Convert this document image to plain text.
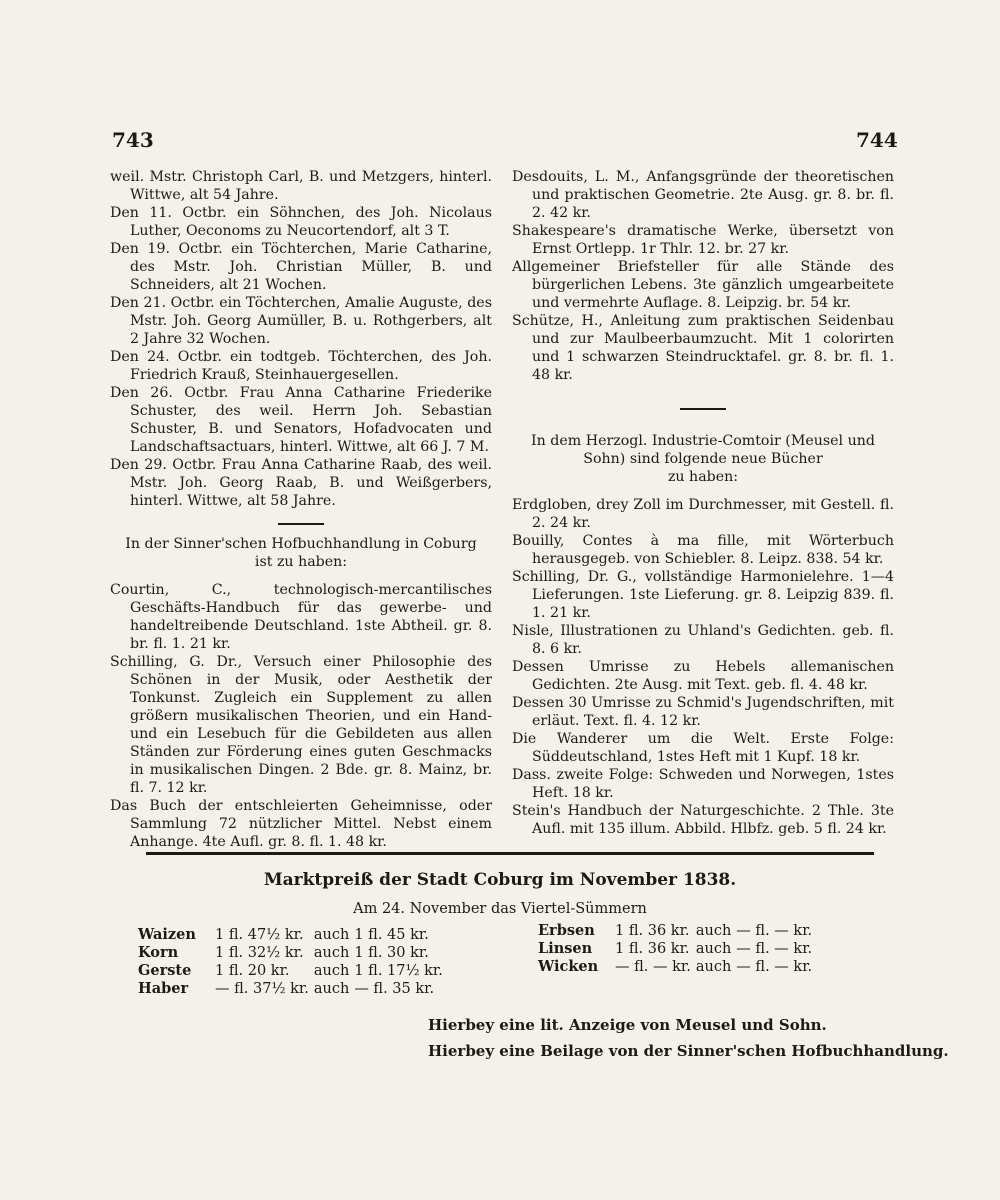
743	744

weil. Mstr. Christoph Carl, B. und Metzgers, hinterl. Wittwe, alt 54 Jahre.

Den 11. Octbr. ein Söhnchen, des Joh. Nicolaus Luther, Oeconoms zu Neucortendorf, alt 3 T.

Den 19. Octbr. ein Töchterchen, Marie Catharine, des Mstr. Joh. Christian Müller, B. und Schneiders, alt 21 Wochen.

Den 21. Octbr. ein Töchterchen, Amalie Auguste, des Mstr. Joh. Georg Aumüller, B. u. Rothgerbers, alt 2 Jahre 32 Wochen.

Den 24. Octbr. ein todtgeb. Töchterchen, des Joh. Friedrich Krauß, Steinhauergesellen.

Den 26. Octbr. Frau Anna Catharine Friederike Schuster, des weil. Herrn Joh. Sebastian Schuster, B. und Senators, Hofadvocaten und Landschaftsactuars, hinterl. Wittwe, alt 66 J. 7 M.

Den 29. Octbr. Frau Anna Catharine Raab, des weil. Mstr. Joh. Georg Raab, B. und Weißgerbers, hinterl. Wittwe, alt 58 Jahre.

In der Sinner'schen Hofbuchhandlung in Coburg

ist zu haben:

Courtin, C., technologisch-mercantilisches Geschäfts-Handbuch für das gewerbe- und handeltreibende Deutschland. 1ste Abtheil. gr. 8. br. fl. 1. 21 kr.

Schilling, G. Dr., Versuch einer Philosophie des Schönen in der Musik, oder Aesthetik der Tonkunst. Zugleich ein Supplement zu allen größern musikalischen Theorien, und ein Hand- und ein Lesebuch für die Gebildeten aus allen Ständen zur Förderung eines guten Geschmacks in musikalischen Dingen. 2 Bde. gr. 8. Mainz, br. fl. 7. 12 kr.

Das Buch der entschleierten Geheimnisse, oder Sammlung 72 nützlicher Mittel. Nebst einem Anhange. 4te Aufl. gr. 8. fl. 1. 48 kr.

Desdouits, L. M., Anfangsgründe der theoretischen und praktischen Geometrie. 2te Ausg. gr. 8. br. fl. 2. 42 kr.

Shakespeare's dramatische Werke, übersetzt von Ernst Ortlepp. 1r Thlr. 12. br. 27 kr.

Allgemeiner Briefsteller für alle Stände des bürgerlichen Lebens. 3te gänzlich umgearbeitete und vermehrte Auflage. 8. Leipzig. br. 54 kr.

Schütze, H., Anleitung zum praktischen Seidenbau und zur Maulbeerbaumzucht. Mit 1 colorirten und 1 schwarzen Steindrucktafel. gr. 8. br. fl. 1. 48 kr.

In dem Herzogl. Industrie-Comtoir (Meusel und Sohn) sind folgende neue Bücher

zu haben:

Erdgloben, drey Zoll im Durchmesser, mit Gestell. fl. 2. 24 kr.

Bouilly, Contes à ma fille, mit Wörterbuch herausgegeb. von Schiebler. 8. Leipz. 838. 54 kr.

Schilling, Dr. G., vollständige Harmonielehre. 1—4 Lieferungen. 1ste Lieferung. gr. 8. Leipzig 839. fl. 1. 21 kr.

Nisle, Illustrationen zu Uhland's Gedichten. geb. fl. 8. 6 kr.

Dessen Umrisse zu Hebels allemanischen Gedichten. 2te Ausg. mit Text. geb. fl. 4. 48 kr.

Dessen 30 Umrisse zu Schmid's Jugendschriften, mit erläut. Text. fl. 4. 12 kr.

Die Wanderer um die Welt. Erste Folge: Süddeutschland, 1stes Heft mit 1 Kupf. 18 kr.

Dass. zweite Folge: Schweden und Norwegen, 1stes Heft. 18 kr.

Stein's Handbuch der Naturgeschichte. 2 Thle. 3te Aufl. mit 135 illum. Abbild. Hlbfz. geb. 5 fl. 24 kr.

Marktpreiß der Stadt Coburg im November 1838.

Am 24. November das Viertel-Sümmern

Waizen	1 fl. 47½ kr.	auch	1 fl. 45 kr.
Korn	1 fl. 32½ kr.	auch	1 fl. 30 kr.
Gerste	1 fl. 20 kr.	auch	1 fl. 17½ kr.
Haber	— fl. 37½ kr.	auch	— fl. 35 kr.
Erbsen	1 fl. 36 kr.	auch	— fl. — kr.
Linsen	1 fl. 36 kr.	auch	— fl. — kr.
Wicken	— fl. — kr.	auch	— fl. — kr.

Hierbey eine lit. Anzeige von Meusel und Sohn.

Hierbey eine Beilage von der Sinner'schen Hofbuchhandlung.
